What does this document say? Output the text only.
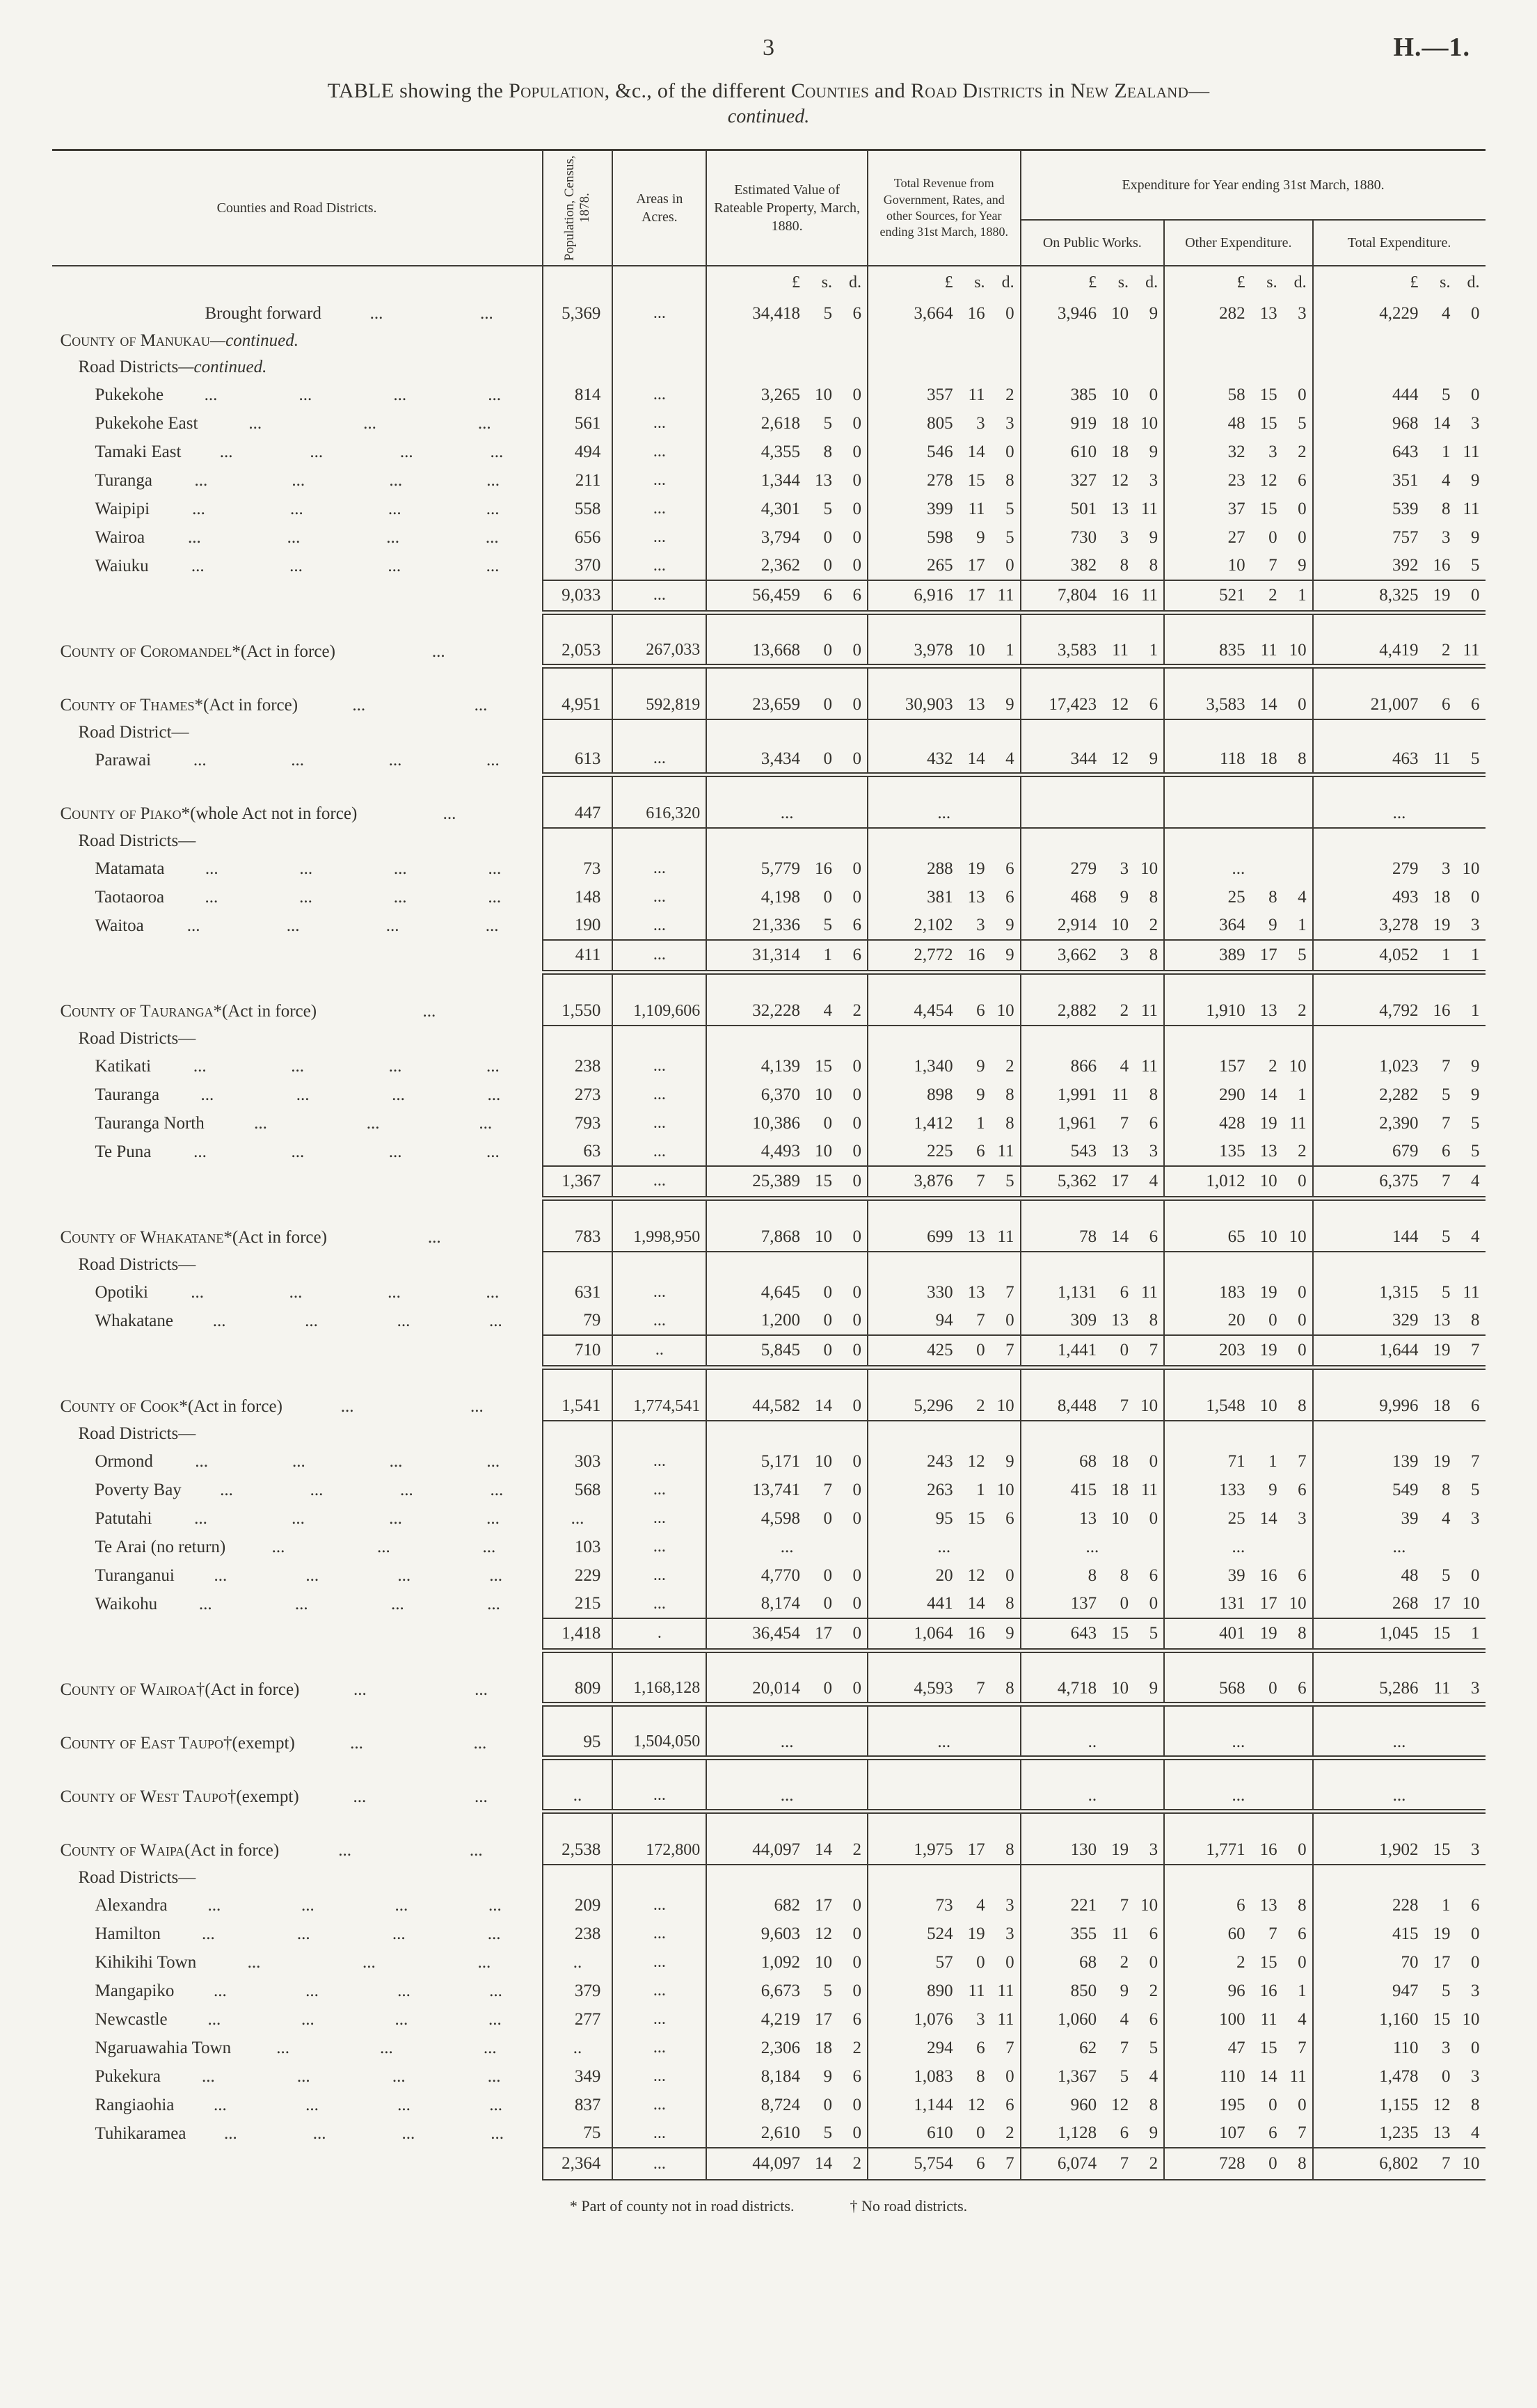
3	H.—1.
TABLE showing the Population, &c., of the different Counties and Road Districts in New Zealand—
continued.
Counties and Road Districts.	Population, Census, 1878.	Areas in Acres.	Estimated Value of Rateable Property, March, 1880.	Total Revenue from Government, Rates, and other Sources, for Year ending 31st March, 1880.	Expenditure for Year ending 31st March, 1880.		
					On Public Works.	Other Expenditure.	Total Expenditure.

			£ s. d.	£ s. d.	£ s. d.	£ s. d.	£ s. d.

Brought forward ... ...	5,369	...	34,418 5 6	3,664 16 0	3,946 10 9	282 13 3	4,229 4 0

County of Manukau —continued.							

Road Districts —continued.							

Pukekohe ... ... ... ...	814	...	3,265 10 0	357 11 2	385 10 0	58 15 0	444 5 0

Pukekohe East ... ... ...	561	...	2,618 5 0	805 3 3	919 18 10	48 15 5	968 14 3

Tamaki East ... ... ... ...	494	...	4,355 8 0	546 14 0	610 18 9	32 3 2	643 1 11

Turanga ... ... ... ...	211	...	1,344 13 0	278 15 8	327 12 3	23 12 6	351 4 9

Waipipi ... ... ... ...	558	...	4,301 5 0	399 11 5	501 13 11	37 15 0	539 8 11

Wairoa ... ... ... ...	656	...	3,794 0 0	598 9 5	730 3 9	27 0 0	757 3 9

Waiuku ... ... ... ...	370	...	2,362 0 0	265 17 0	382 8 8	10 7 9	392 16 5

	9,033	...	56,459 6 6	6,916 17 11	7,804 16 11	521 2 1	8,325 19 0

County of Coromandel* (Act in force) ...	2,053	267,033	13,668 0 0	3,978 10 1	3,583 11 1	835 11 10	4,419 2 11

County of Thames* (Act in force) ... ...	4,951	592,819	23,659 0 0	30,903 13 9	17,423 12 6	3,583 14 0	21,007 6 6

Road District—							

Parawai ... ... ... ...	613	...	3,434 0 0	432 14 4	344 12 9	118 18 8	463 11 5

County of Piako* (whole Act not in force) ...	447	616,320	...	...			...

Road Districts—							

Matamata ... ... ... ...	73	...	5,779 16 0	288 19 6	279 3 10	...	279 3 10

Taotaoroa ... ... ... ...	148	...	4,198 0 0	381 13 6	468 9 8	25 8 4	493 18 0

Waitoa ... ... ... ...	190	...	21,336 5 6	2,102 3 9	2,914 10 2	364 9 1	3,278 19 3

	411	...	31,314 1 6	2,772 16 9	3,662 3 8	389 17 5	4,052 1 1

County of Tauranga* (Act in force) ...	1,550	1,109,606	32,228 4 2	4,454 6 10	2,882 2 11	1,910 13 2	4,792 16 1

Road Districts—							

Katikati ... ... ... ...	238	...	4,139 15 0	1,340 9 2	866 4 11	157 2 10	1,023 7 9

Tauranga ... ... ... ...	273	...	6,370 10 0	898 9 8	1,991 11 8	290 14 1	2,282 5 9

Tauranga North ... ... ...	793	...	10,386 0 0	1,412 1 8	1,961 7 6	428 19 11	2,390 7 5

Te Puna ... ... ... ...	63	...	4,493 10 0	225 6 11	543 13 3	135 13 2	679 6 5

	1,367	...	25,389 15 0	3,876 7 5	5,362 17 4	1,012 10 0	6,375 7 4

County of Whakatane* (Act in force) ...	783	1,998,950	7,868 10 0	699 13 11	78 14 6	65 10 10	144 5 4

Road Districts—							

Opotiki ... ... ... ...	631	...	4,645 0 0	330 13 7	1,131 6 11	183 19 0	1,315 5 11

Whakatane ... ... ... ...	79	...	1,200 0 0	94 7 0	309 13 8	20 0 0	329 13 8

	710	..	5,845 0 0	425 0 7	1,441 0 7	203 19 0	1,644 19 7

County of Cook* (Act in force) ... ...	1,541	1,774,541	44,582 14 0	5,296 2 10	8,448 7 10	1,548 10 8	9,996 18 6

Road Districts—							

Ormond ... ... ... ...	303	...	5,171 10 0	243 12 9	68 18 0	71 1 7	139 19 7

Poverty Bay ... ... ... ...	568	...	13,741 7 0	263 1 10	415 18 11	133 9 6	549 8 5

Patutahi ... ... ... ...	...	...	4,598 0 0	95 15 6	13 10 0	25 14 3	39 4 3

Te Arai (no return) ... ... ...	103	...	...	...	...	...	...

Turanganui ... ... ... ...	229	...	4,770 0 0	20 12 0	8 8 6	39 16 6	48 5 0

Waikohu ... ... ... ...	215	...	8,174 0 0	441 14 8	137 0 0	131 17 10	268 17 10

	1,418	.	36,454 17 0	1,064 16 9	643 15 5	401 19 8	1,045 15 1

County of Wairoa† (Act in force) ... ...	809	1,168,128	20,014 0 0	4,593 7 8	4,718 10 9	568 0 6	5,286 11 3

County of East Taupo† (exempt) ... ...	95	1,504,050	...	...	..	...	...

County of West Taupo† (exempt) ... ...	..	...	...		..	...	...

County of Waipa (Act in force) ... ...	2,538	172,800	44,097 14 2	1,975 17 8	130 19 3	1,771 16 0	1,902 15 3

Road Districts—							

Alexandra ... ... ... ...	209	...	682 17 0	73 4 3	221 7 10	6 13 8	228 1 6

Hamilton ... ... ... ...	238	...	9,603 12 0	524 19 3	355 11 6	60 7 6	415 19 0

Kihikihi Town ... ... ...	..	...	1,092 10 0	57 0 0	68 2 0	2 15 0	70 17 0

Mangapiko ... ... ... ...	379	...	6,673 5 0	890 11 11	850 9 2	96 16 1	947 5 3

Newcastle ... ... ... ...	277	...	4,219 17 6	1,076 3 11	1,060 4 6	100 11 4	1,160 15 10

Ngaruawahia Town ... ... ...	..	...	2,306 18 2	294 6 7	62 7 5	47 15 7	110 3 0

Pukekura ... ... ... ...	349	...	8,184 9 6	1,083 8 0	1,367 5 4	110 14 11	1,478 0 3

Rangiaohia ... ... ... ...	837	...	8,724 0 0	1,144 12 6	960 12 8	195 0 0	1,155 12 8

Tuhikaramea ... ... ... ...	75	...	2,610 5 0	610 0 2	1,128 6 9	107 6 7	1,235 13 4

	2,364	...	44,097 14 2	5,754 6 7	6,074 7 2	728 0 8	6,802 7 10
* Part of county not in road districts.	† No road districts.
